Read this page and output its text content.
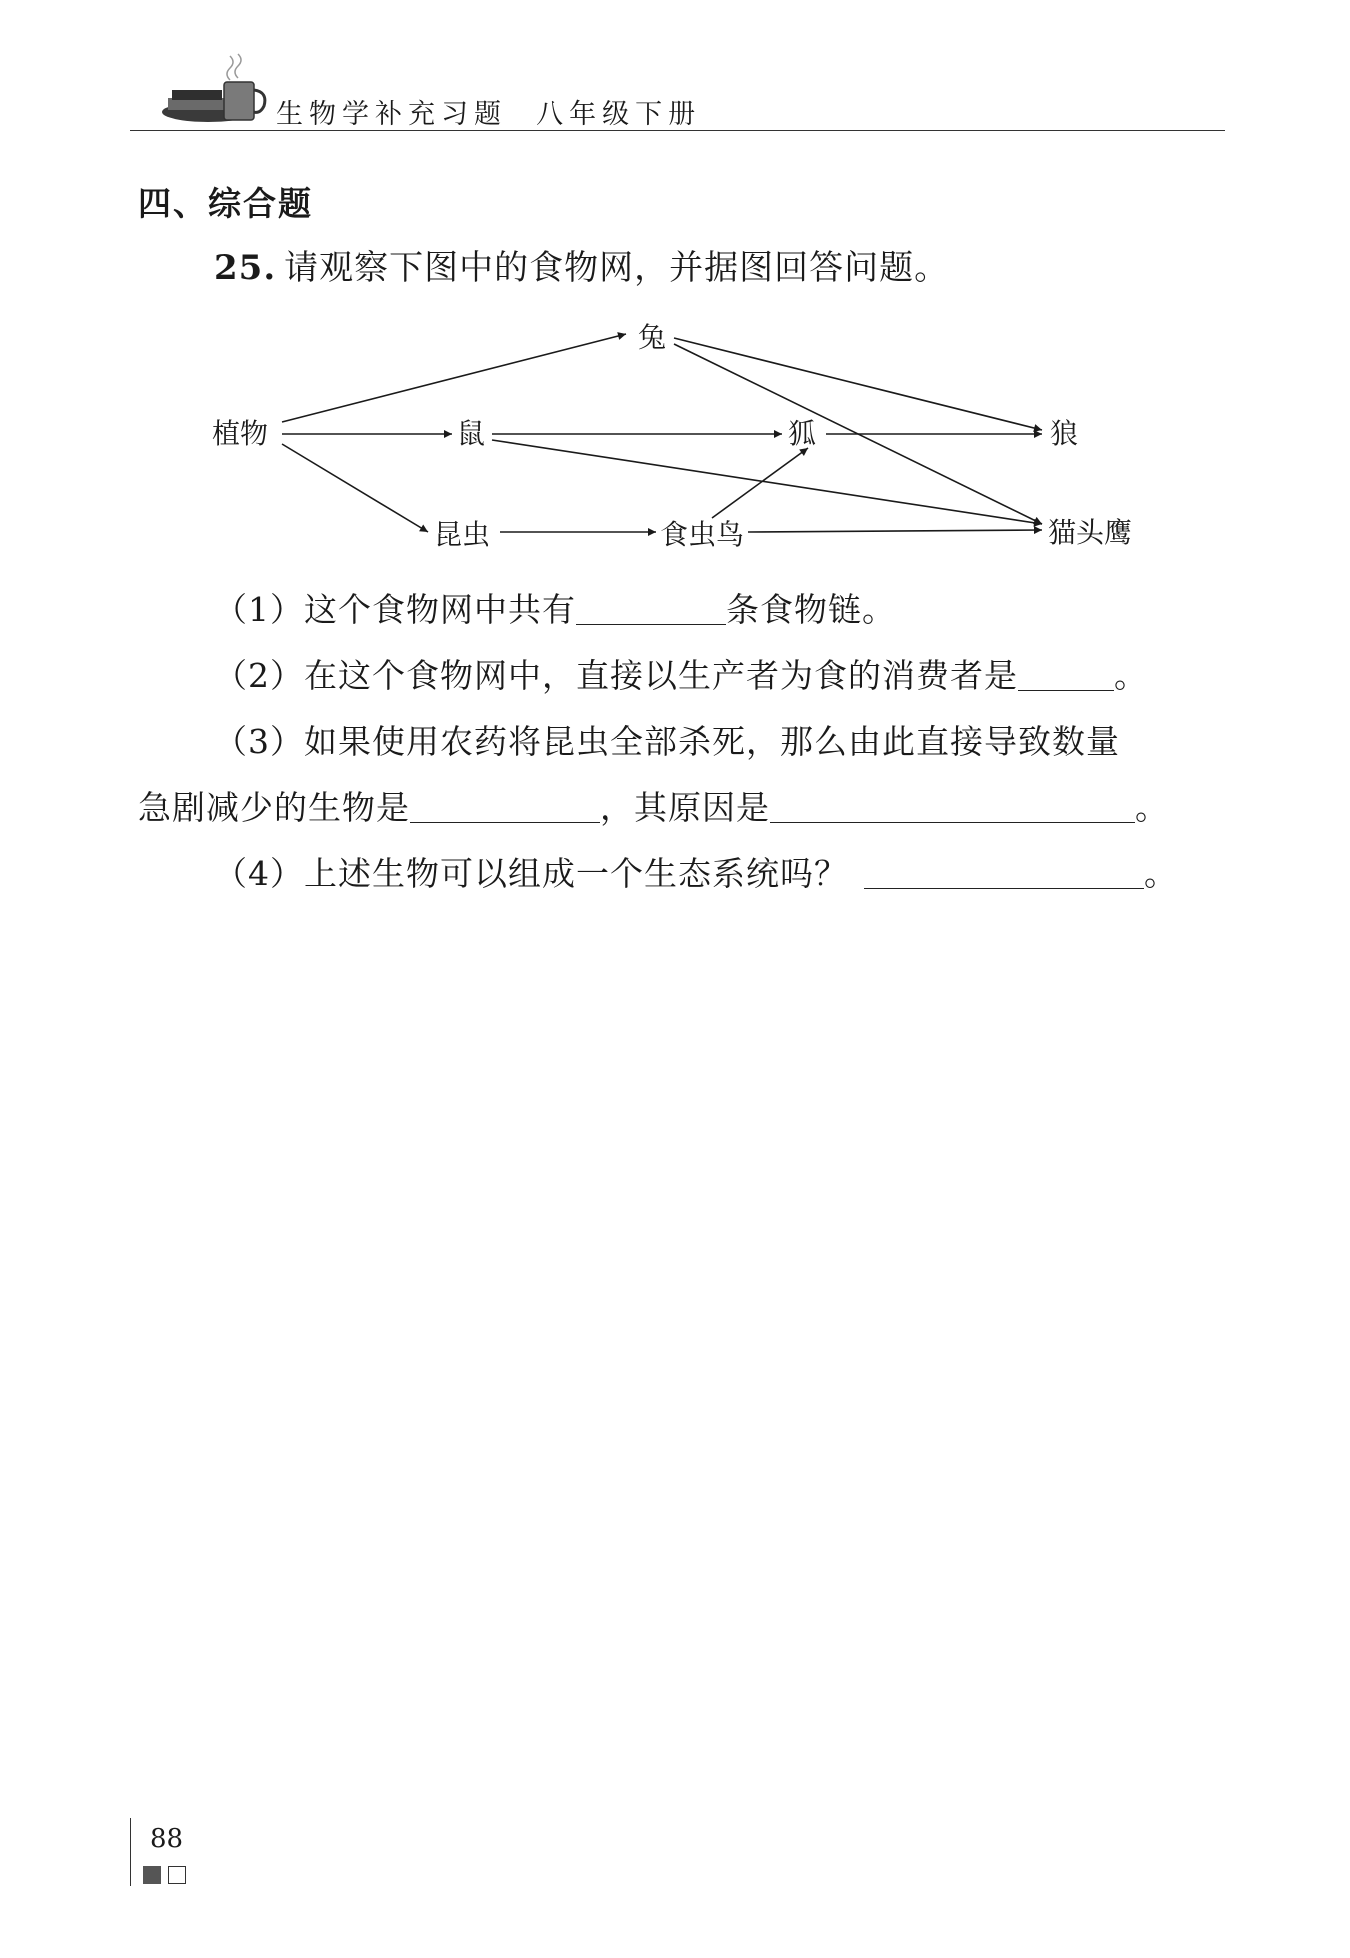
生物学补充习题  八年级下册
四、综合题
25. 请观察下图中的食物网，并据图回答问题。
植物
兔
鼠
昆虫
狐	狼
食虫鸟	猫头鹰
（1）这个食物网中共有	条食物链。
（2）在这个食物网中，直接以生产者为食的消费者是	。
（3）如果使用农药将昆虫全部杀死，那么由此直接导致数量
急剧减少的生物是	，其原因是	。
（4）上述生物可以组成一个生态系统吗？	。
88
